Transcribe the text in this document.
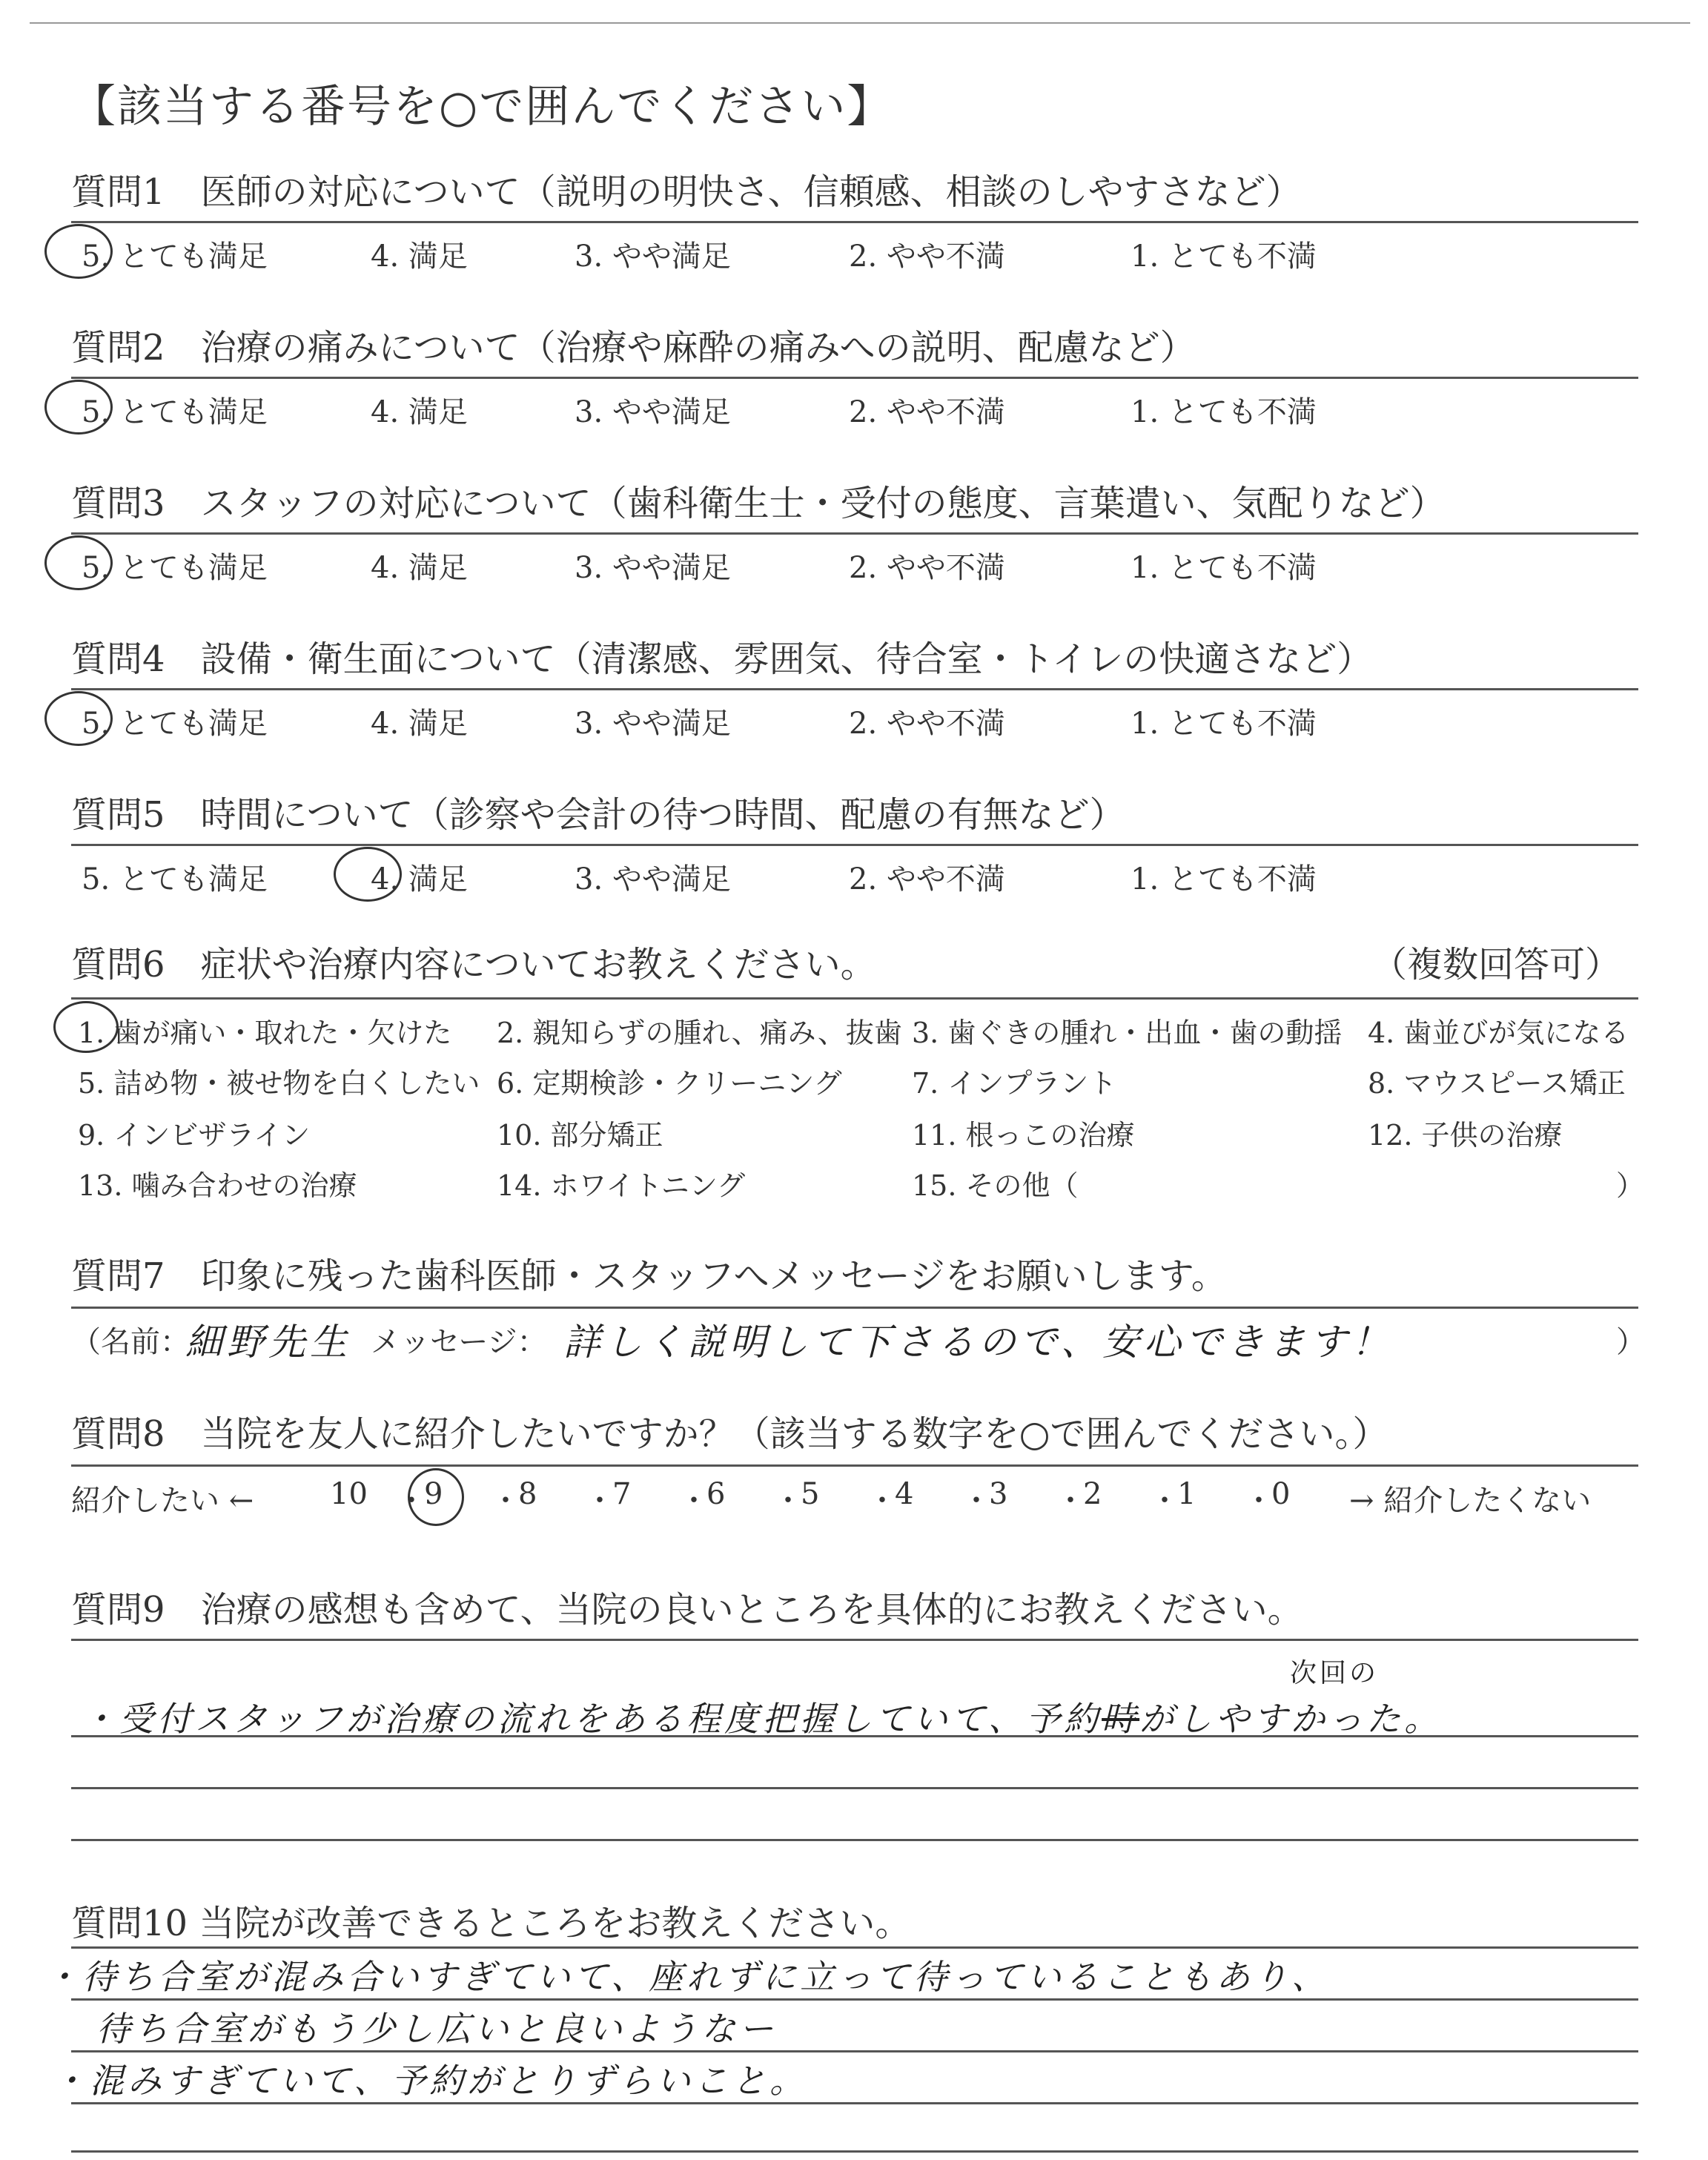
【該当する番号を○で囲んでください】
質問1　 医師の対応について（説明の明快さ、信頼感、相談のしやすさなど）
5. とても満足	4. 満足	3. やや満足	2. やや不満	1. とても不満
質問2　 治療の痛みについて（治療や麻酔の痛みへの説明、配慮など）
5. とても満足	4. 満足	3. やや満足	2. やや不満	1. とても不満
質問3　 スタッフの対応について（歯科衛生士・受付の態度、言葉遣い、気配りなど）
5. とても満足	4. 満足	3. やや満足	2. やや不満	1. とても不満
質問4　 設備・衛生面について（清潔感、雰囲気、待合室・トイレの快適さなど）
5. とても満足	4. 満足	3. やや満足	2. やや不満	1. とても不満
質問5　 時間について（診察や会計の待つ時間、配慮の有無など）
5. とても満足	4. 満足	3. やや満足	2. やや不満	1. とても不満
質問6　 症状や治療内容についてお教えください。	（複数回答可）
1. 歯が痛い・取れた・欠けた 2. 親知らずの腫れ、痛み、抜歯 3. 歯ぐきの腫れ・出血・歯の動揺 4. 歯並びが気になる
5. 詰め物・被せ物を白くしたい 6. 定期検診・クリーニング 7. インプラント	8. マウスピース矯正
9. インビザライン	10. 部分矯正	11. 根っこの治療	12. 子供の治療
13. 噛み合わせの治療	14. ホワイトニング	15. その他（	）
質問7　 印象に残った歯科医師・スタッフへメッセージをお願いします。
（名前：
細野先生 メッセージ： 詳しく説明して下さるので、安心できます！	）
質問8　 当院を友人に紹介したいですか？（該当する数字を○で囲んでください。）
紹介したい ←	10 ・
9 ・
8 ・
7 ・
6 ・
5 ・
4 ・
3 ・
2 ・
1 ・
0 → 紹介したくない
質問9　 治療の感想も含めて、当院の良いところを具体的にお教えください。
次回の
・受付スタッフが治療の流れをある程度把握していて、予約時がしやすかった。
質問10 当院が改善できるところをお教えください。
・待ち合室が混み合いすぎていて、座れずに立って待っていることもあり、
待ち合室がもう少し広いと良いようなー
・混みすぎていて、予約がとりずらいこと。
